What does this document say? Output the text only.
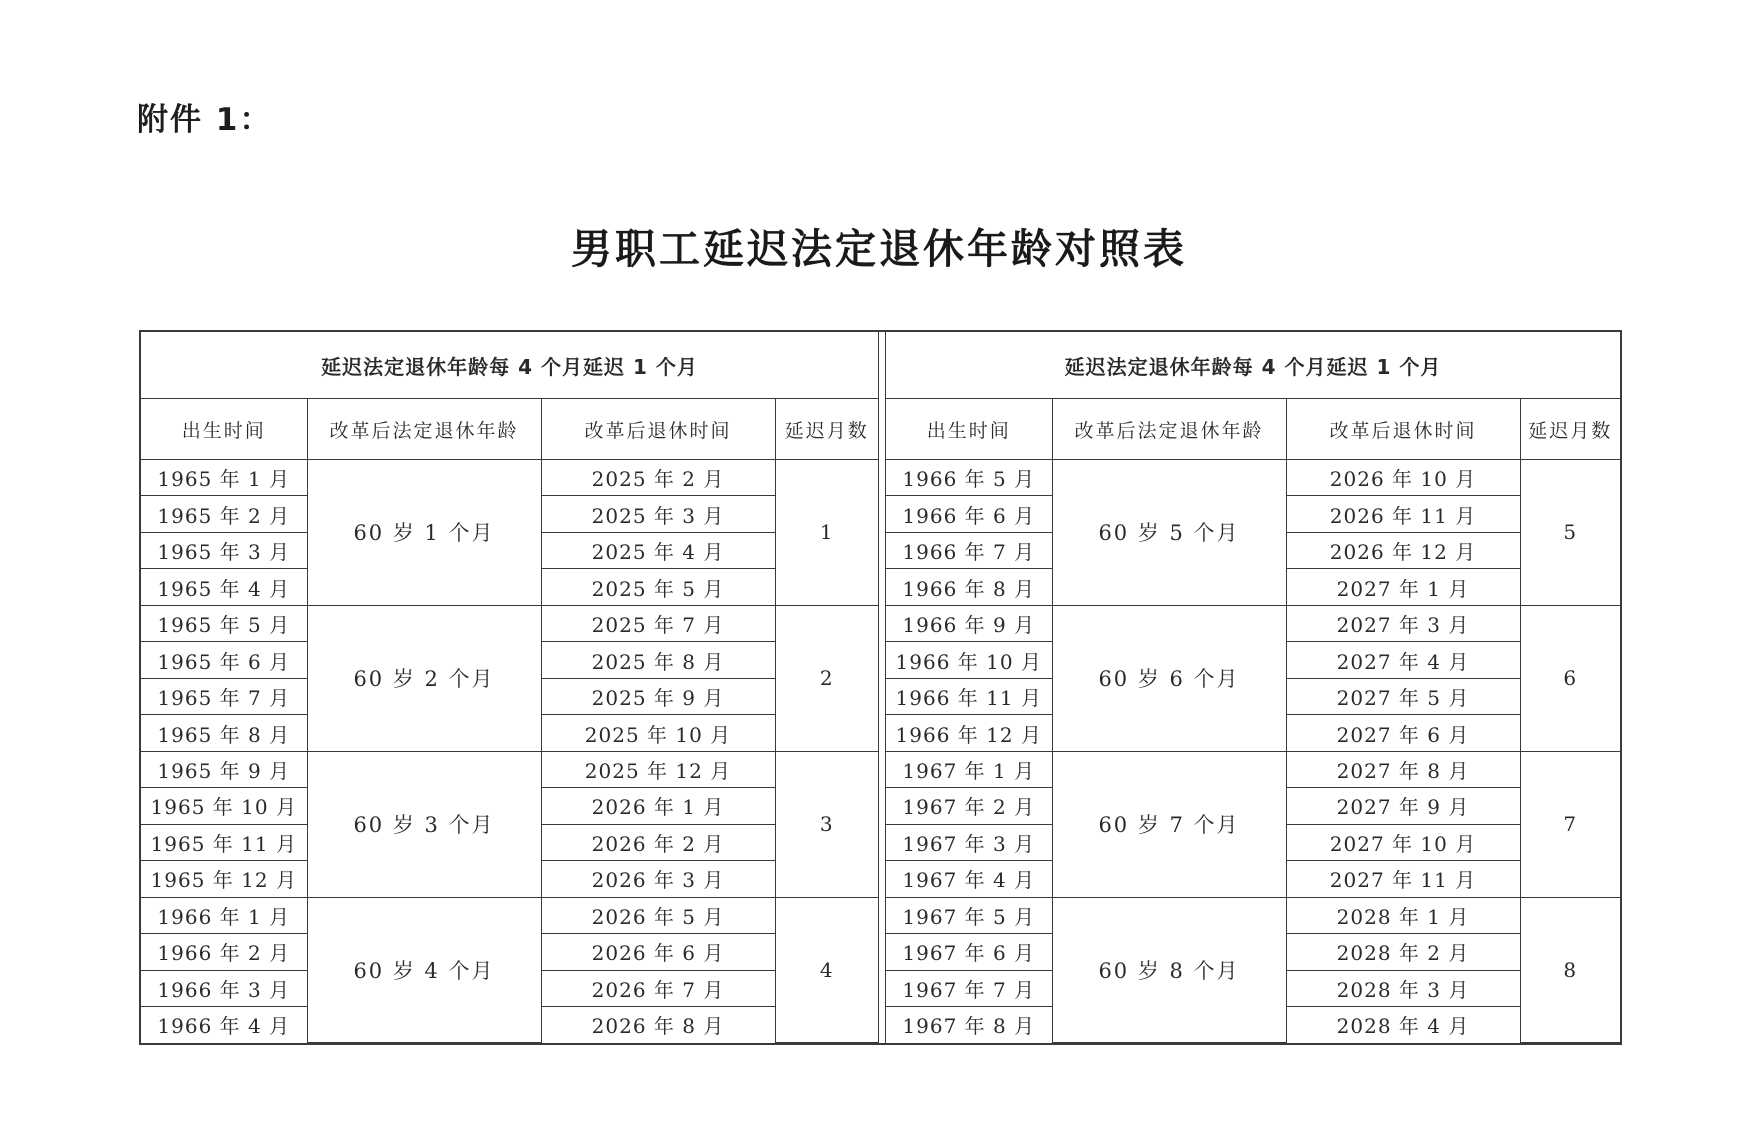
附件 1：
男职工延迟法定退休年龄对照表
延迟法定退休年龄每 4 个月延迟 1 个月			
出生时间	改革后法定退休年龄	改革后退休时间	延迟月数
1965 年 1 月	60 岁 1 个月	2025 年 2 月	1
1965 年 2 月		2025 年 3 月	
1965 年 3 月		2025 年 4 月	
1965 年 4 月		2025 年 5 月	
1965 年 5 月	60 岁 2 个月	2025 年 7 月	2
1965 年 6 月		2025 年 8 月	
1965 年 7 月		2025 年 9 月	
1965 年 8 月		2025 年 10 月	
1965 年 9 月	60 岁 3 个月	2025 年 12 月	3
1965 年 10 月		2026 年 1 月	
1965 年 11 月		2026 年 2 月	
1965 年 12 月		2026 年 3 月	
1966 年 1 月	60 岁 4 个月	2026 年 5 月	4
1966 年 2 月		2026 年 6 月	
1966 年 3 月		2026 年 7 月	
1966 年 4 月		2026 年 8 月	
延迟法定退休年龄每 4 个月延迟 1 个月			
出生时间	改革后法定退休年龄	改革后退休时间	延迟月数
1966 年 5 月	60 岁 5 个月	2026 年 10 月	5
1966 年 6 月		2026 年 11 月	
1966 年 7 月		2026 年 12 月	
1966 年 8 月		2027 年 1 月	
1966 年 9 月	60 岁 6 个月	2027 年 3 月	6
1966 年 10 月		2027 年 4 月	
1966 年 11 月		2027 年 5 月	
1966 年 12 月		2027 年 6 月	
1967 年 1 月	60 岁 7 个月	2027 年 8 月	7
1967 年 2 月		2027 年 9 月	
1967 年 3 月		2027 年 10 月	
1967 年 4 月		2027 年 11 月	
1967 年 5 月	60 岁 8 个月	2028 年 1 月	8
1967 年 6 月		2028 年 2 月	
1967 年 7 月		2028 年 3 月	
1967 年 8 月		2028 年 4 月	
